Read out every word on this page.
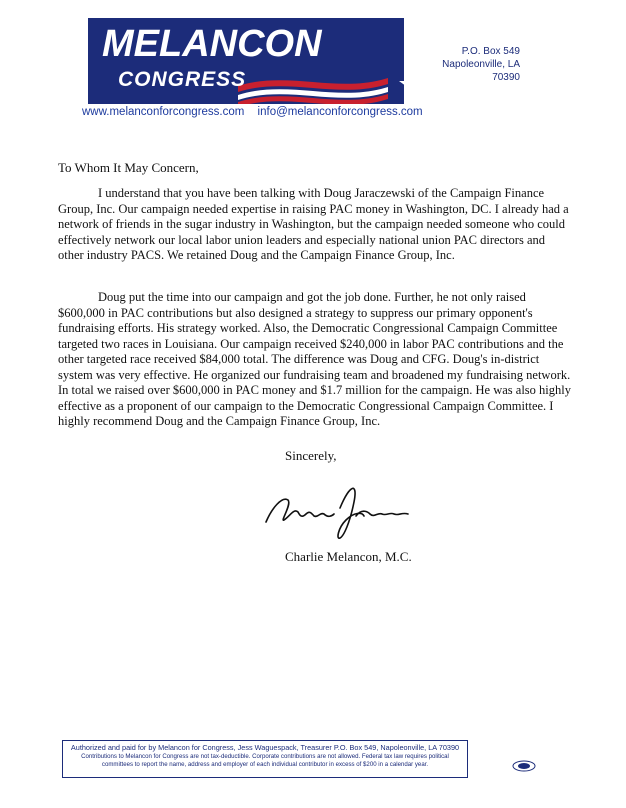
MELANCON
CONGRESS
www.melanconforcongress.com info@melanconforcongress.com
P.O. Box 549
Napoleonville, LA
70390
To Whom It May Concern,

I understand that you have been talking with Doug Jaraczewski of the Campaign Finance Group, Inc. Our campaign needed expertise in raising PAC money in Washington, DC. I already had a network of friends in the sugar industry in Washington, but the campaign needed someone who could effectively network our local labor union leaders and especially national union PAC directors and other industry PACS. We retained Doug and the Campaign Finance Group, Inc.

Doug put the time into our campaign and got the job done. Further, he not only raised $600,000 in PAC contributions but also designed a strategy to suppress our primary opponent's fundraising efforts. His strategy worked. Also, the Democratic Congressional Campaign Committee targeted two races in Louisiana. Our campaign received $240,000 in labor PAC contributions and the other targeted race received $84,000 total. The difference was Doug and CFG. Doug's in-district system was very effective. He organized our fundraising team and broadened my fundraising network. In total we raised over $600,000 in PAC money and $1.7 million for the campaign. He was also highly effective as a proponent of our campaign to the Democratic Congressional Campaign Committee. I highly recommend Doug and the Campaign Finance Group, Inc.

Sincerely,
Charlie Melancon, M.C.
Authorized and paid for by Melancon for Congress, Jess Waguespack, Treasurer P.O. Box 549, Napoleonville, LA 70390
Contributions to Melancon for Congress are not tax-deductible. Corporate contributions are not allowed. Federal tax law requires political
committees to report the name, address and employer of each individual contributor in excess of $200 in a calendar year.
